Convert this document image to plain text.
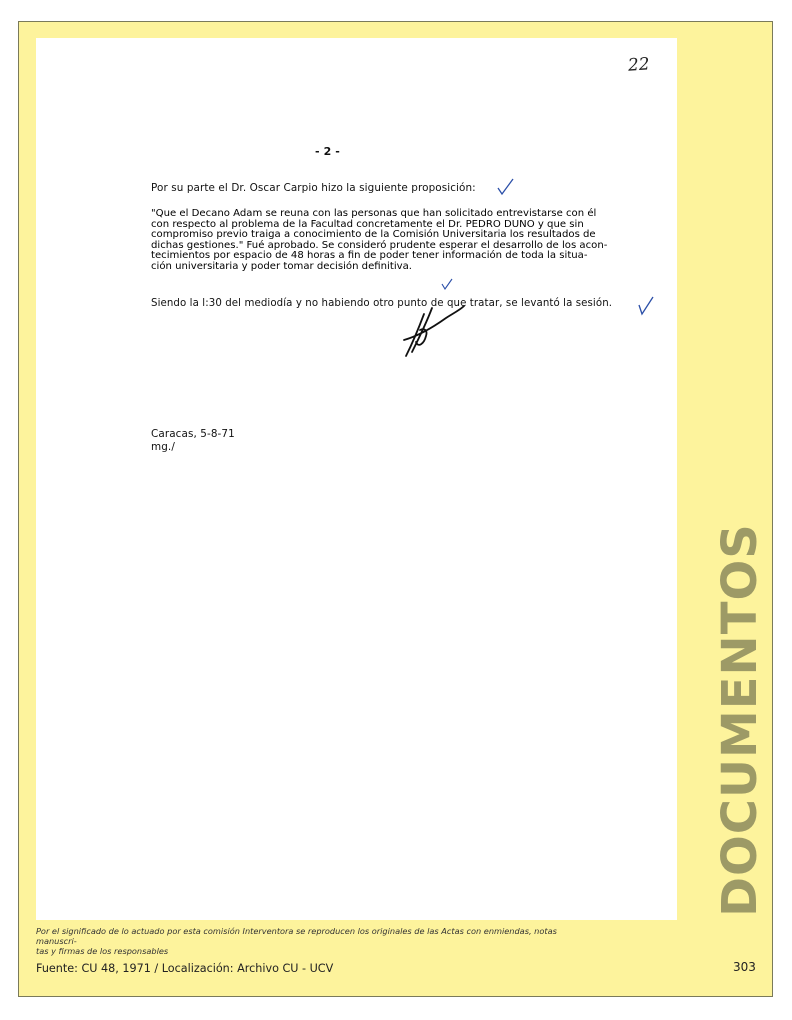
22
- 2 -
Por su parte el Dr. Oscar Carpio hizo la siguiente proposición:
"Que el Decano Adam se reuna con las personas que han solicitado entrevistarse con él
con respecto al problema de la Facultad concretamente el Dr. PEDRO DUNO y que sin
compromiso previo traiga a conocimiento de la Comisión Universitaria los resultados de
dichas gestiones." Fué aprobado. Se consideró prudente esperar el desarrollo de los acon-
tecimientos por espacio de 48 horas a fin de poder tener información de toda la situa-
ción universitaria y poder tomar decisión definitiva.
Siendo la l:30 del mediodía y no habiendo otro punto de que tratar, se levantó la sesión.
Caracas, 5-8-71
mg./
DOCUMENTOS
Por el significado de lo actuado por esta comisión Interventora se reproducen los originales de las Actas con enmiendas, notas manuscri-
tas y firmas de los responsables
Fuente: CU 48, 1971 / Localización: Archivo CU - UCV	303
